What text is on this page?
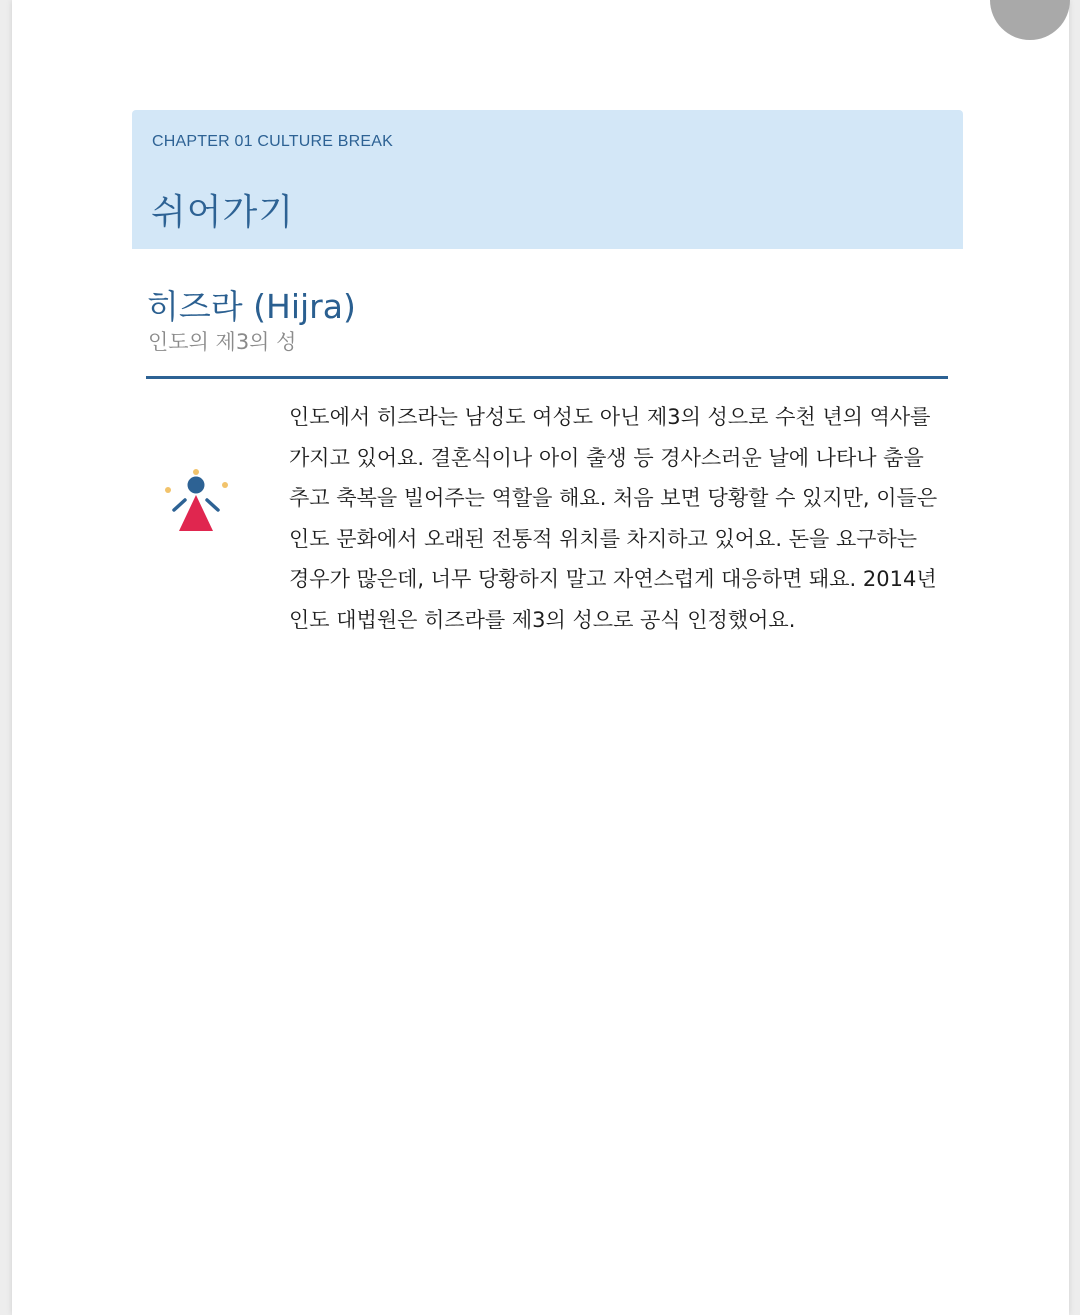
CHAPTER 01 CULTURE BREAK
쉬어가기
히즈라 (Hijra)
인도의 제3의 성

인도에서 히즈라는 남성도 여성도 아닌 제3의 성으로 수천 년의 역사를 가지고 있어요. 결혼식이나 아이 출생 등 경사스러운 날에 나타나 춤을 추고 축복을 빌어주는 역할을 해요. 처음 보면 당황할 수 있지만, 이들은 인도 문화에서 오래된 전통적 위치를 차지하고 있어요. 돈을 요구하는 경우가 많은데, 너무 당황하지 말고 자연스럽게 대응하면 돼요. 2014년 인도 대법원은 히즈라를 제3의 성으로 공식 인정했어요.
